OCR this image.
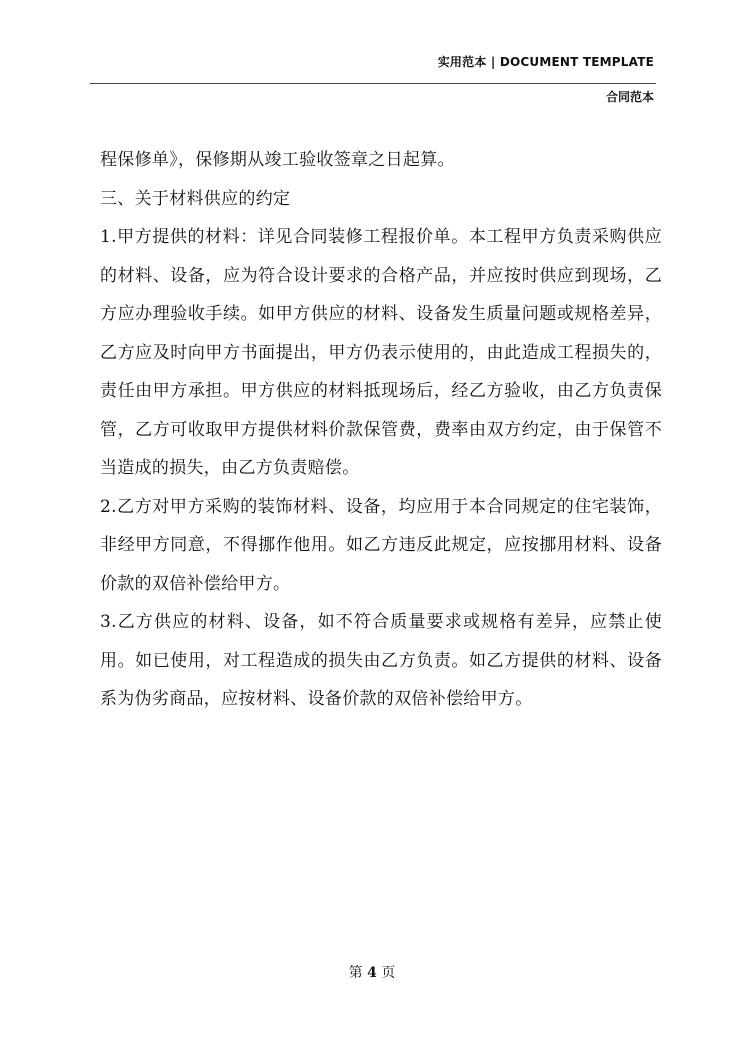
实用范本 | DOCUMENT TEMPLATE
合同范本

程保修单》，保修期从竣工验收签章之日起算。

三、关于材料供应的约定

1.甲方提供的材料：详见合同装修工程报价单。本工程甲方负责采购供应的材料、设备，应为符合设计要求的合格产品，并应按时供应到现场，乙方应办理验收手续。如甲方供应的材料、设备发生质量问题或规格差异，乙方应及时向甲方书面提出，甲方仍表示使用的，由此造成工程损失的，责任由甲方承担。甲方供应的材料抵现场后，经乙方验收，由乙方负责保管，乙方可收取甲方提供材料价款保管费，费率由双方约定，由于保管不当造成的损失，由乙方负责赔偿。

2.乙方对甲方采购的装饰材料、设备，均应用于本合同规定的住宅装饰，非经甲方同意，不得挪作他用。如乙方违反此规定，应按挪用材料、设备价款的双倍补偿给甲方。

3.乙方供应的材料、设备，如不符合质量要求或规格有差异，应禁止使用。如已使用，对工程造成的损失由乙方负责。如乙方提供的材料、设备系为伪劣商品，应按材料、设备价款的双倍补偿给甲方。

第 4 页
